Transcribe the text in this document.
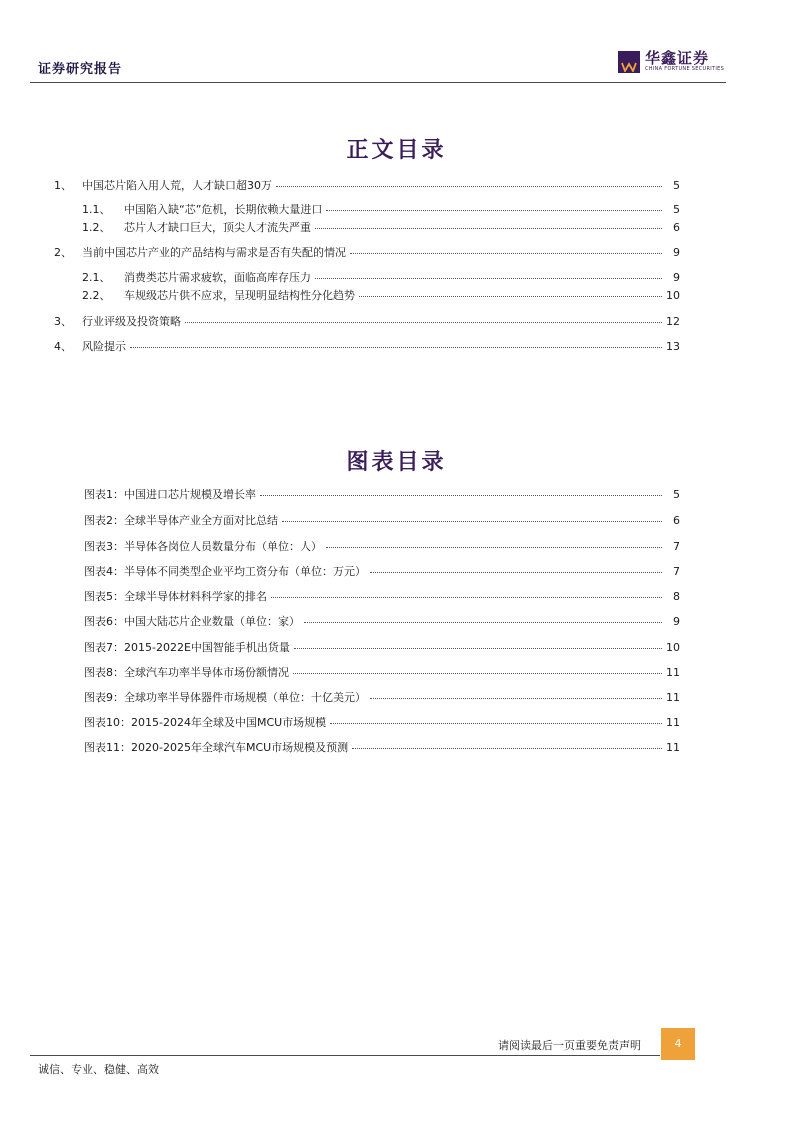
证券研究报告
华鑫证券
CHINA FORTUNE SECURITIES
正文目录
1、 中国芯片陷入用人荒，人才缺口超30万	5
1.1、	中国陷入缺“芯”危机，长期依赖大量进口	5
1.2、	芯片人才缺口巨大，顶尖人才流失严重	6
2、 当前中国芯片产业的产品结构与需求是否有失配的情况	9
2.1、	消费类芯片需求疲软，面临高库存压力	9
2.2、	车规级芯片供不应求，呈现明显结构性分化趋势	10
3、 行业评级及投资策略	12
4、 风险提示	13
图表目录
图表1：中国进口芯片规模及增长率	5
图表2：全球半导体产业全方面对比总结	6
图表3：半导体各岗位人员数量分布（单位：人）	7
图表4：半导体不同类型企业平均工资分布（单位：万元）	7
图表5：全球半导体材料科学家的排名	8
图表6：中国大陆芯片企业数量（单位：家）	9
图表7：2015-2022E中国智能手机出货量	10
图表8：全球汽车功率半导体市场份额情况	11
图表9：全球功率半导体器件市场规模（单位：十亿美元）	11
图表10：2015-2024年全球及中国MCU市场规模	11
图表11：2020-2025年全球汽车MCU市场规模及预测	11
请阅读最后一页重要免责声明	4
诚信、专业、稳健、高效
